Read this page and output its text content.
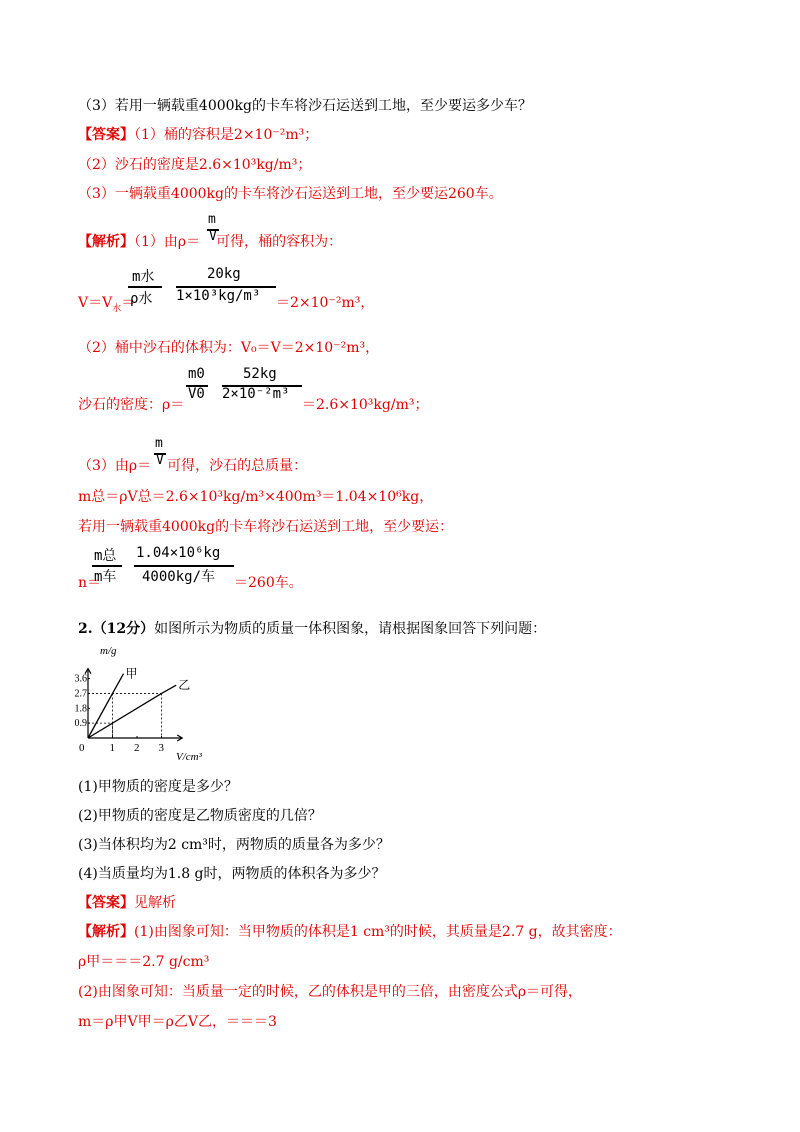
（3）若用一辆载重4000kg的卡车将沙石运送到工地，至少要运多少车？
【答案】（1）桶的容积是2×10⁻²m³；
（2）沙石的密度是2.6×10³kg/m³；
（3）一辆载重4000kg的卡车将沙石运送到工地，至少要运260车。
【解析】（1）由ρ＝ 可得，桶的容积为：
m
V
$V=V_水=$
m水
ρ水
20kg
1×10³kg/m³ ＝2×10⁻²m³，
（2）桶中沙石的体积为：V₀＝V＝2×10⁻²m³，
沙石的密度：ρ＝
m0
V0
52kg
2×10⁻²m³
＝2.6×10³kg/m³；
（3）由ρ＝ 可得，沙石的总质量：
m
V
m总＝ρV总＝2.6×10³kg/m³×400m³＝1.04×10⁶kg，
若用一辆载重4000kg的卡车将沙石运送到工地，至少要运：
n＝
m总
m车
1.04×10⁶kg
4000kg/车 ＝260车。
2.（12分）如图所示为物质的质量一体积图象，请根据图象回答下列问题：
m/g
V/cm³
甲
乙
0 1 2 3
0.9
1.8
2.7
3.6
(1)甲物质的密度是多少？
(2)甲物质的密度是乙物质密度的几倍？
(3)当体积均为2 cm³时，两物质的质量各为多少？
(4)当质量均为1.8 g时，两物质的体积各为多少？
【答案】见解析
【解析】(1)由图象可知：当甲物质的体积是1 cm³的时候，其质量是2.7 g，故其密度：
ρ甲＝＝＝2.7 g/cm³
(2)由图象可知：当质量一定的时候，乙的体积是甲的三倍，由密度公式ρ＝可得，
m＝ρ甲V甲＝ρ乙V乙，＝＝＝3
